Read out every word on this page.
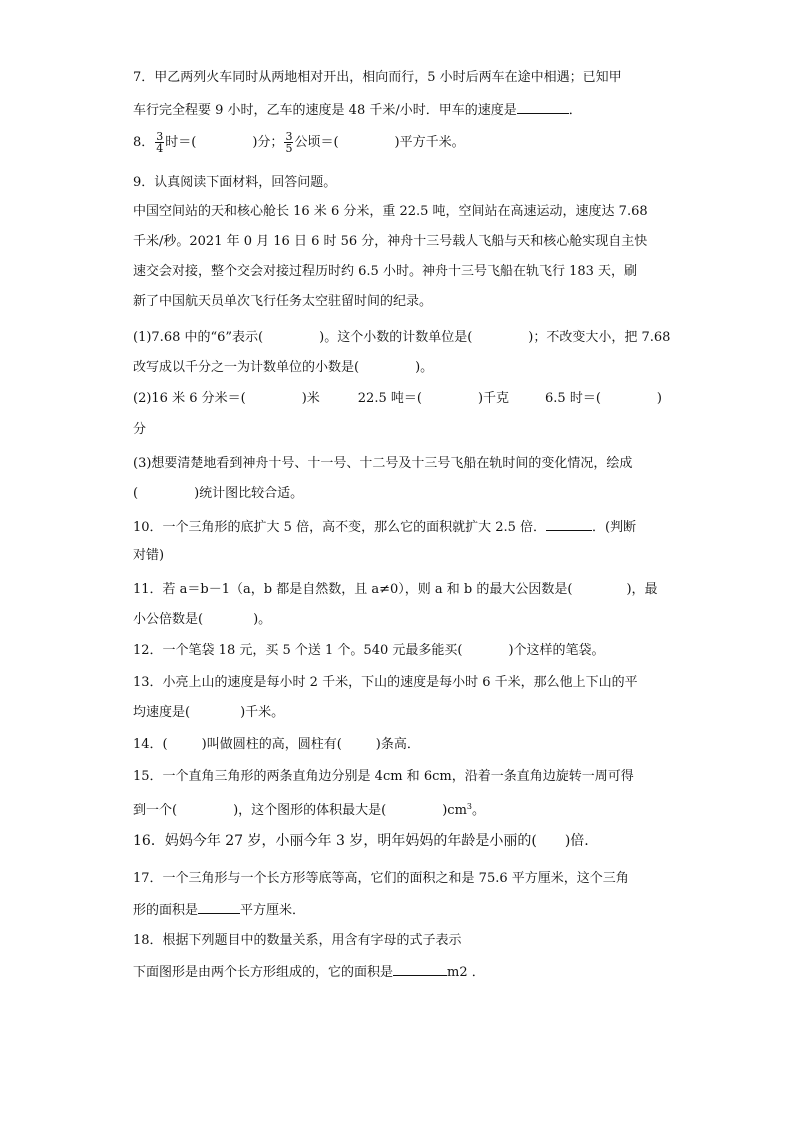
7．甲乙两列火车同时从两地相对开出，相向而行，5 小时后两车在途中相遇；已知甲
车行完全程要 9 小时，乙车的速度是 48 千米/小时．甲车的速度是	．
8． $\frac{3}{4}$ 时＝(	)分； $\frac{3}{5}$ 公顷＝(	)平方千米。
9．认真阅读下面材料，回答问题。
中国空间站的天和核心舱长 16 米 6 分米，重 22.5 吨，空间站在高速运动，速度达 7.68
千米/秒。2021 年 0 月 16 日 6 时 56 分，神舟十三号载人飞船与天和核心舱实现自主快
速交会对接，整个交会对接过程历时约 6.5 小时。神舟十三号飞船在轨飞行 183 天，刷
新了中国航天员单次飞行任务太空驻留时间的纪录。
(1)7.68 中的“6”表示(	)。这个小数的计数单位是(	)；不改变大小，把 7.68
改写成以千分之一为计数单位的小数是(	)。
(2)16 米 6 分米＝(	)米	22.5 吨＝(	)千克	6.5 时＝(	)
分
(3)想要清楚地看到神舟十号、十一号、十二号及十三号飞船在轨时间的变化情况，绘成
(	)统计图比较合适。
10．一个三角形的底扩大 5 倍，高不变，那么它的面积就扩大 2.5 倍．	．(判断
对错)
11．若 a＝b－1（a，b 都是自然数，且 a≠0），则 a 和 b 的最大公因数是(	)，最
小公倍数是(	)。
12．一个笔袋 18 元，买 5 个送 1 个。540 元最多能买(	)个这样的笔袋。
13．小亮上山的速度是每小时 2 千米，下山的速度是每小时 6 千米，那么他上下山的平
均速度是(	)千米。
14．(	)叫做圆柱的高，圆柱有(	)条高．
15．一个直角三角形的两条直角边分别是 4cm 和 6cm，沿着一条直角边旋转一周可得
到一个(	)，这个图形的体积最大是(	)$cm^3$。
16．妈妈今年 27 岁，小丽今年 3 岁，明年妈妈的年龄是小丽的( )倍.
17．一个三角形与一个长方形等底等高，它们的面积之和是 75.6 平方厘米，这个三角
形的面积是	平方厘米．
18．根据下列题目中的数量关系，用含有字母的式子表示
下面图形是由两个长方形组成的，它的面积是	m2 ．
